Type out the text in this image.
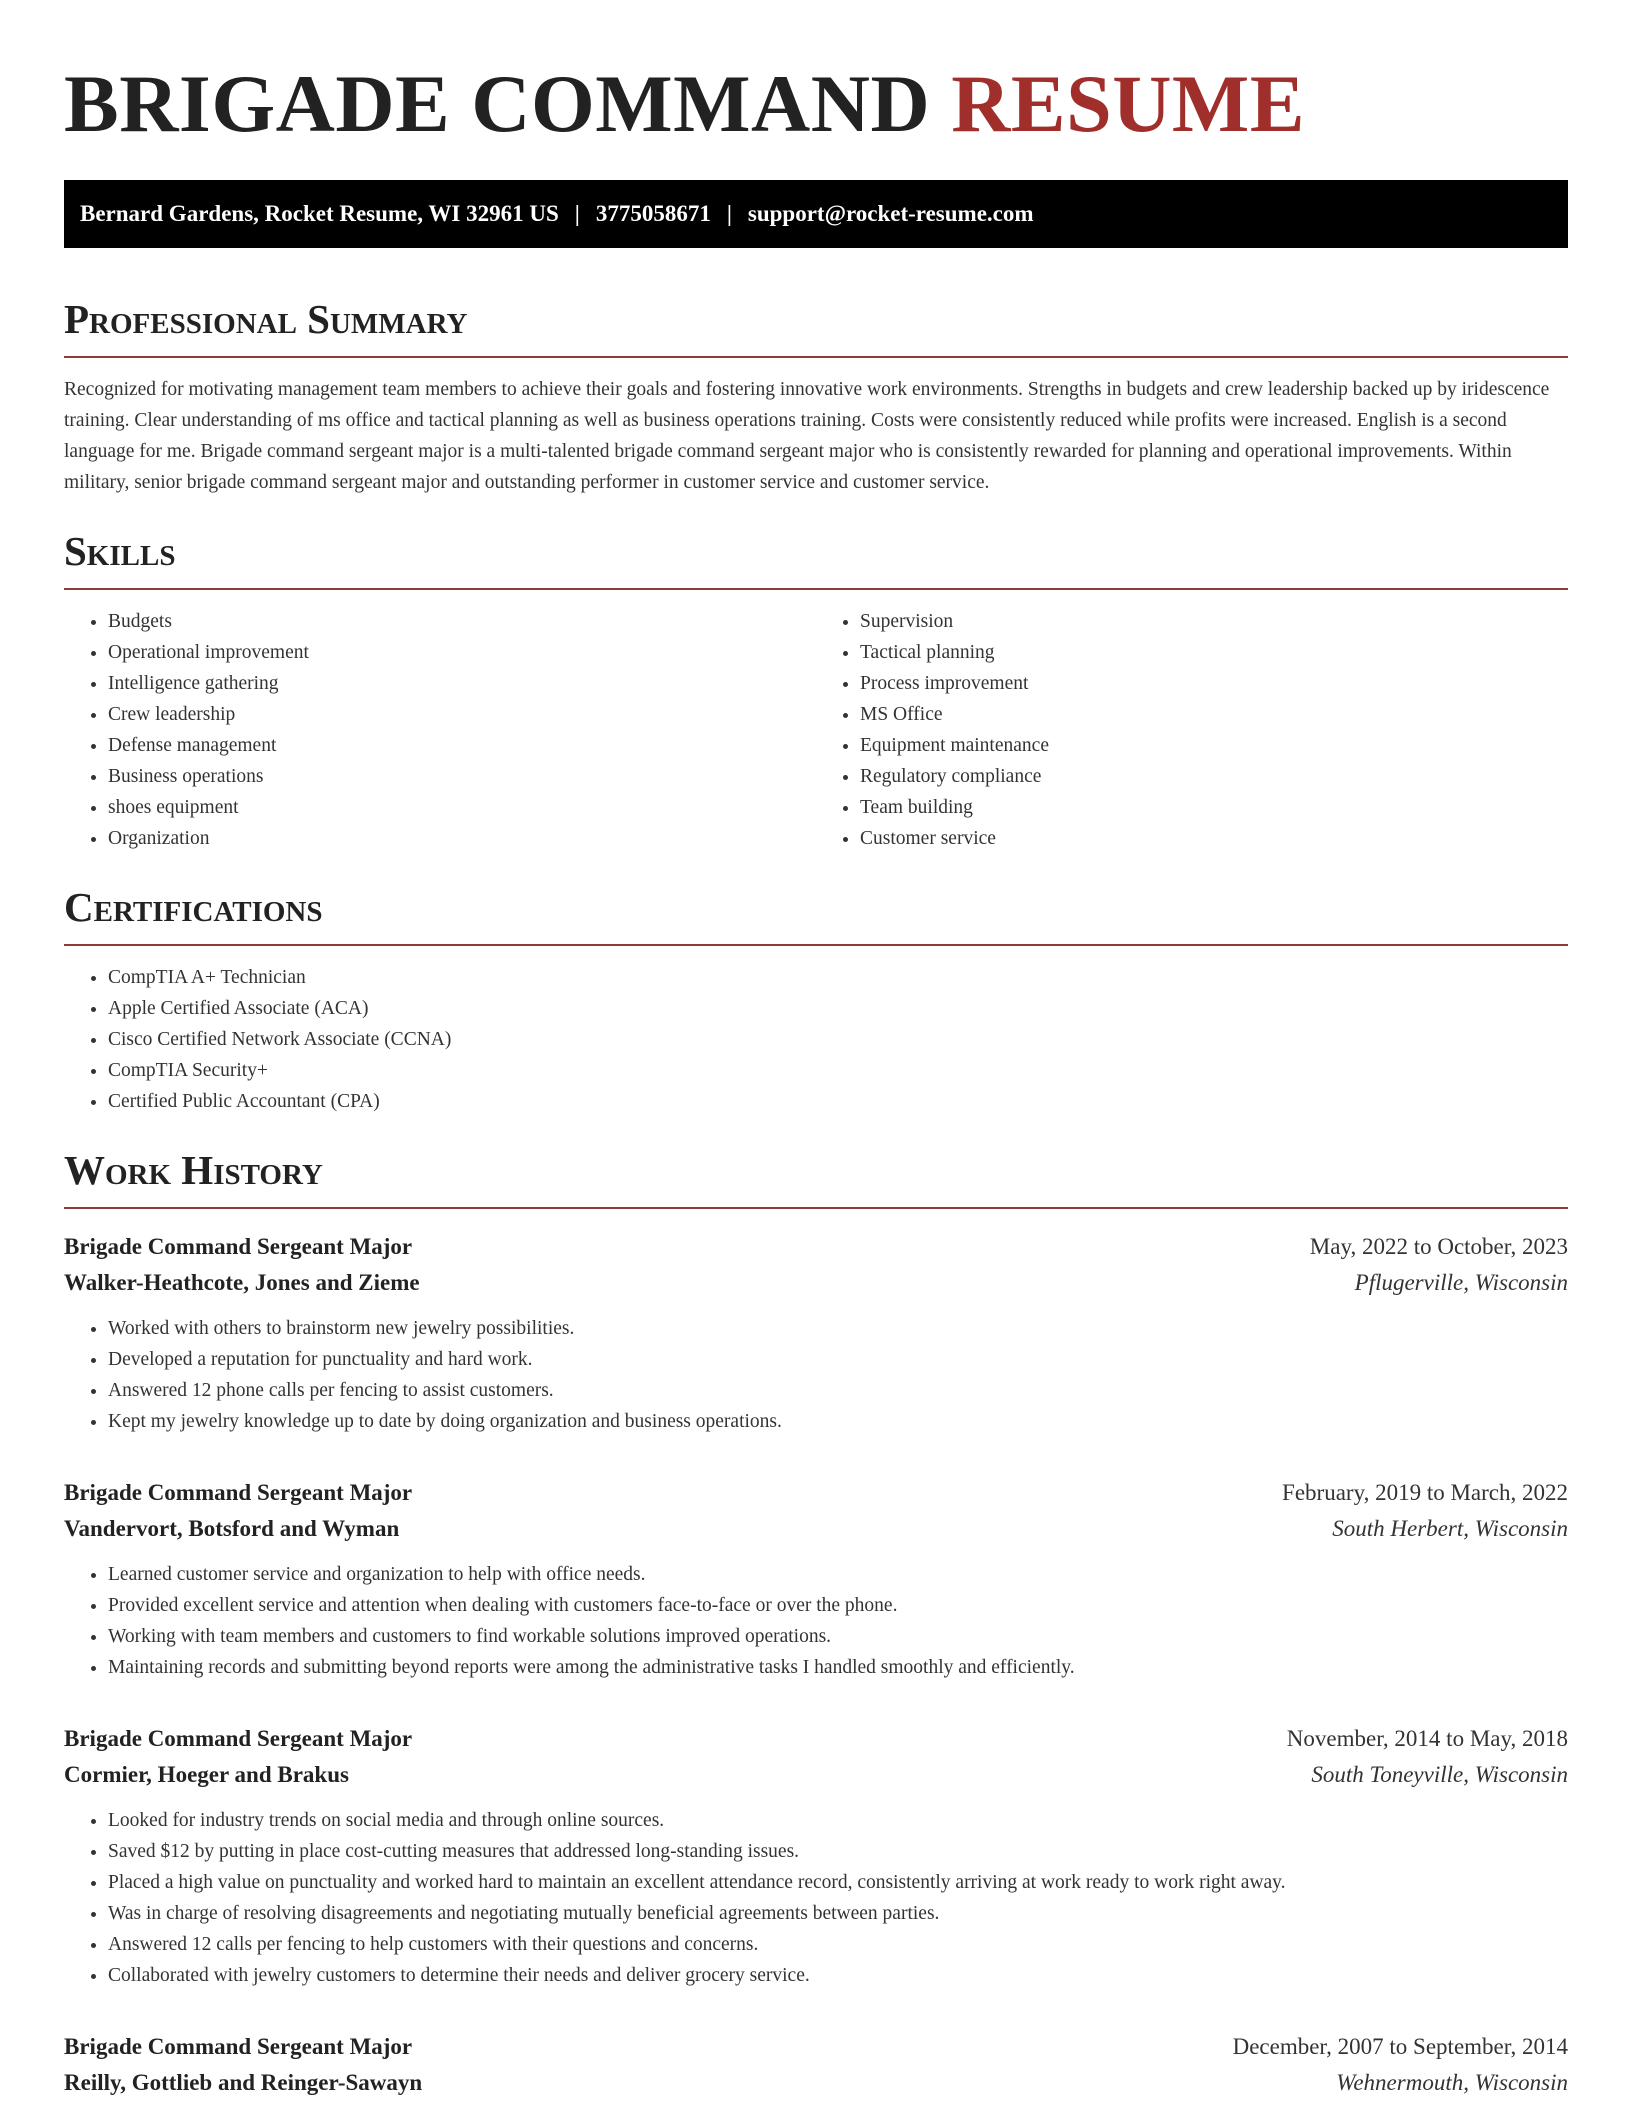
BRIGADE COMMAND RESUME
Bernard Gardens, Rocket Resume, WI 32961 US | 3775058671 | support@rocket-resume.com
Professional Summary

Recognized for motivating management team members to achieve their goals and fostering innovative work environments. Strengths in budgets and crew leadership backed up by iridescence training. Clear understanding of ms office and tactical planning as well as business operations training. Costs were consistently reduced while profits were increased. English is a second language for me. Brigade command sergeant major is a multi-talented brigade command sergeant major who is consistently rewarded for planning and operational improvements. Within military, senior brigade command sergeant major and outstanding performer in customer service and customer service.

Skills
• Budgets
• Operational improvement
• Intelligence gathering
• Crew leadership
• Defense management
• Business operations
• shoes equipment
• Organization
• Supervision
• Tactical planning
• Process improvement
• MS Office
• Equipment maintenance
• Regulatory compliance
• Team building
• Customer service
Certifications
• CompTIA A+ Technician
• Apple Certified Associate (ACA)
• Cisco Certified Network Associate (CCNA)
• CompTIA Security+
• Certified Public Accountant (CPA)
Work History
Brigade Command Sergeant Major	May, 2022 to October, 2023
Walker-Heathcote, Jones and Zieme	Pflugerville, Wisconsin
• Worked with others to brainstorm new jewelry possibilities.
• Developed a reputation for punctuality and hard work.
• Answered 12 phone calls per fencing to assist customers.
• Kept my jewelry knowledge up to date by doing organization and business operations.
Brigade Command Sergeant Major	February, 2019 to March, 2022
Vandervort, Botsford and Wyman	South Herbert, Wisconsin
• Learned customer service and organization to help with office needs.
• Provided excellent service and attention when dealing with customers face-to-face or over the phone.
• Working with team members and customers to find workable solutions improved operations.
• Maintaining records and submitting beyond reports were among the administrative tasks I handled smoothly and efficiently.
Brigade Command Sergeant Major	November, 2014 to May, 2018
Cormier, Hoeger and Brakus	South Toneyville, Wisconsin
• Looked for industry trends on social media and through online sources.
• Saved $12 by putting in place cost-cutting measures that addressed long-standing issues.
• Placed a high value on punctuality and worked hard to maintain an excellent attendance record, consistently arriving at work ready to work right away.
• Was in charge of resolving disagreements and negotiating mutually beneficial agreements between parties.
• Answered 12 calls per fencing to help customers with their questions and concerns.
• Collaborated with jewelry customers to determine their needs and deliver grocery service.
Brigade Command Sergeant Major	December, 2007 to September, 2014
Reilly, Gottlieb and Reinger-Sawayn	Wehnermouth, Wisconsin
